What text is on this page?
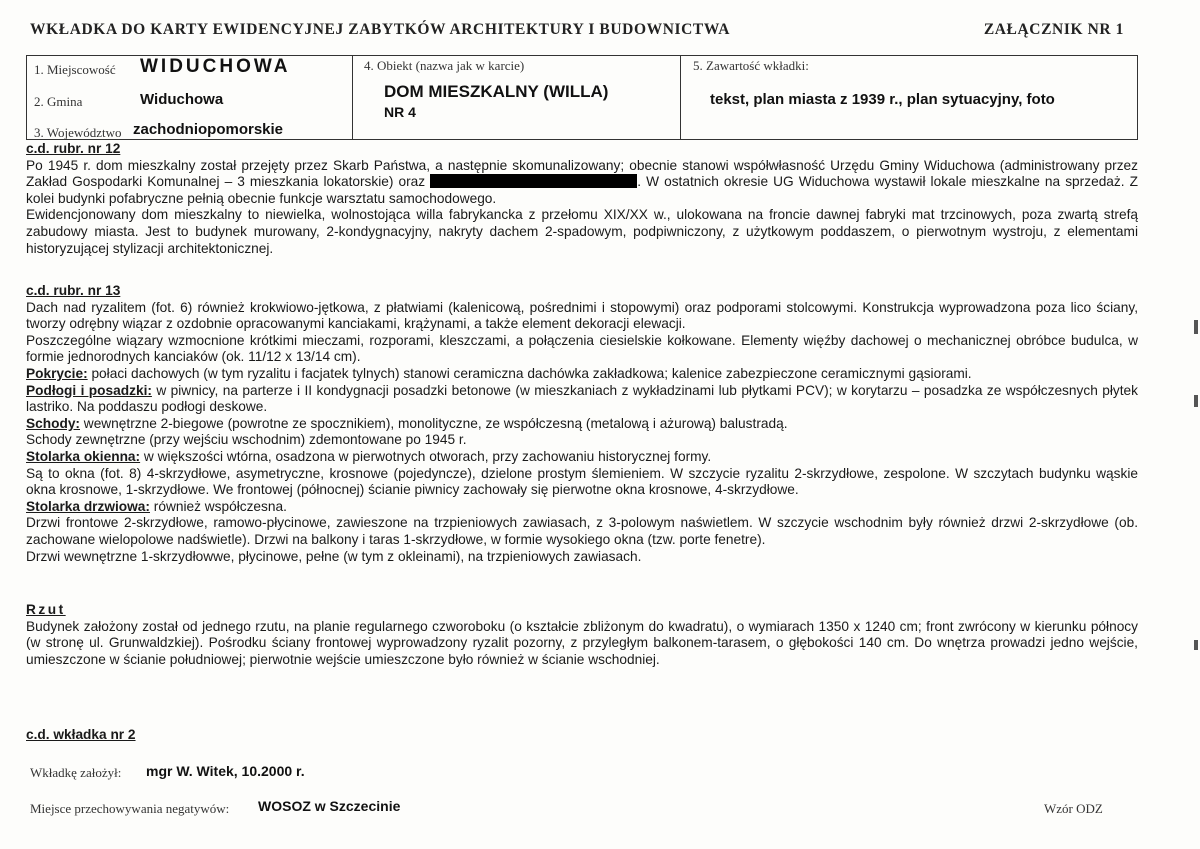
WKŁADKA DO KARTY EWIDENCYJNEJ ZABYTKÓW ARCHITEKTURY I BUDOWNICTWA	ZAŁĄCZNIK NR 1
1. Miejscowość WIDUCHOWA
2. Gmina	Widuchowa
3. Województwo zachodniopomorskie
4. Obiekt (nazwa jak w karcie)
DOM MIESZKALNY (WILLA)
NR 4
5. Zawartość wkładki:
tekst, plan miasta z 1939 r., plan sytuacyjny, foto

c.d. rubr. nr 12

Po 1945 r. dom mieszkalny został przejęty przez Skarb Państwa, a następnie skomunalizowany; obecnie stanowi współwłasność Urzędu Gminy Widuchowa (administrowany przez Zakład Gospodarki Komunalnej – 3 mieszkania lokatorskie) oraz	. W ostatnich okresie UG Widuchowa wystawił lokale mieszkalne na sprzedaż. Z kolei budynki pofabryczne pełnią obecnie funkcje warsztatu samochodowego.

Ewidencjonowany dom mieszkalny to niewielka, wolnostojąca willa fabrykancka z przełomu XIX/XX w., ulokowana na froncie dawnej fabryki mat trzcinowych, poza zwartą strefą zabudowy miasta. Jest to budynek murowany, 2-kondygnacyjny, nakryty dachem 2-spadowym, podpiwniczony, z użytkowym poddaszem, o pierwotnym wystroju, z elementami historyzującej stylizacji architektonicznej.

c.d. rubr. nr 13

Dach nad ryzalitem (fot. 6) również krokwiowo-jętkowa, z płatwiami (kalenicową, pośrednimi i stopowymi) oraz podporami stolcowymi. Konstrukcja wyprowadzona poza lico ściany, tworzy odrębny wiązar z ozdobnie opracowanymi kanciakami, krążynami, a także element dekoracji elewacji.

Poszczególne wiązary wzmocnione krótkimi mieczami, rozporami, kleszczami, a połączenia ciesielskie kołkowane. Elementy więźby dachowej o mechanicznej obróbce budulca, w formie jednorodnych kanciaków (ok. 11/12 x 13/14 cm).

Pokrycie: połaci dachowych (w tym ryzalitu i facjatek tylnych) stanowi ceramiczna dachówka zakładkowa; kalenice zabezpieczone ceramicznymi gąsiorami.

Podłogi i posadzki: w piwnicy, na parterze i II kondygnacji posadzki betonowe (w mieszkaniach z wykładzinami lub płytkami PCV); w korytarzu – posadzka ze współczesnych płytek lastriko. Na poddaszu podłogi deskowe.

Schody: wewnętrzne 2-biegowe (powrotne ze spocznikiem), monolityczne, ze współczesną (metalową i ażurową) balustradą.

Schody zewnętrzne (przy wejściu wschodnim) zdemontowane po 1945 r.

Stolarka okienna: w większości wtórna, osadzona w pierwotnych otworach, przy zachowaniu historycznej formy.

Są to okna (fot. 8) 4-skrzydłowe, asymetryczne, krosnowe (pojedyncze), dzielone prostym ślemieniem. W szczycie ryzalitu 2-skrzydłowe, zespolone. W szczytach budynku wąskie okna krosnowe, 1-skrzydłowe. We frontowej (północnej) ścianie piwnicy zachowały się pierwotne okna krosnowe, 4-skrzydłowe.

Stolarka drzwiowa: również współczesna.

Drzwi frontowe 2-skrzydłowe, ramowo-płycinowe, zawieszone na trzpieniowych zawiasach, z 3-polowym naświetlem. W szczycie wschodnim były również drzwi 2-skrzydłowe (ob. zachowane wielopolowe nadświetle). Drzwi na balkony i taras 1-skrzydłowe, w formie wysokiego okna (tzw. porte fenetre).

Drzwi wewnętrzne 1-skrzydłowwe, płycinowe, pełne (w tym z okleinami), na trzpieniowych zawiasach.

Rzut

Budynek założony został od jednego rzutu, na planie regularnego czworoboku (o kształcie zbliżonym do kwadratu), o wymiarach 1350 x 1240 cm; front zwrócony w kierunku północy (w stronę ul. Grunwaldzkiej). Pośrodku ściany frontowej wyprowadzony ryzalit pozorny, z przyległym balkonem-tarasem, o głębokości 140 cm. Do wnętrza prowadzi jedno wejście, umieszczone w ścianie południowej; pierwotnie wejście umieszczone było również w ścianie wschodniej.

c.d. wkładka nr 2

Wkładkę założył: mgr W. Witek, 10.2000 r.
Miejsce przechowywania negatywów: WOSOZ w Szczecinie	Wzór ODZ
